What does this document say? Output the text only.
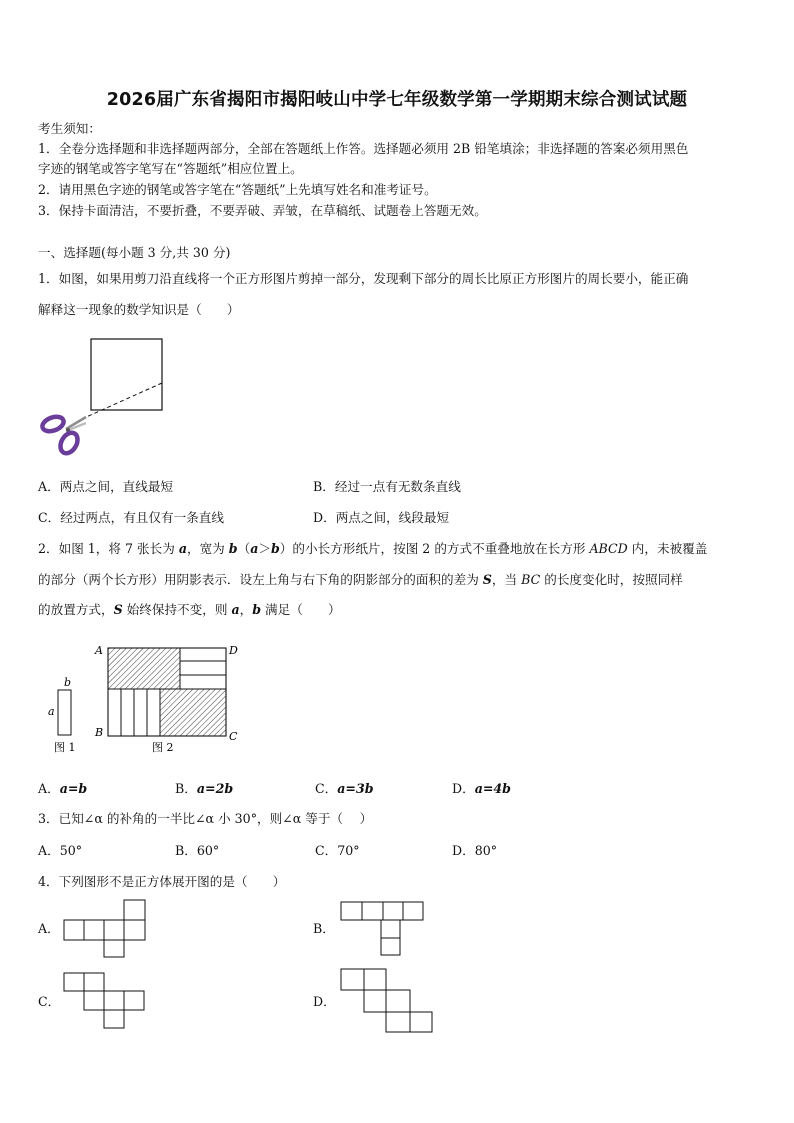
2026届广东省揭阳市揭阳岐山中学七年级数学第一学期期末综合测试试题
考生须知：
1．全卷分选择题和非选择题两部分，全部在答题纸上作答。选择题必须用 2B 铅笔填涂；非选择题的答案必须用黑色
字迹的钢笔或答字笔写在“答题纸”相应位置上。
2．请用黑色字迹的钢笔或答字笔在“答题纸”上先填写姓名和准考证号。
3．保持卡面清洁，不要折叠，不要弄破、弄皱，在草稿纸、试题卷上答题无效。
一、选择题(每小题 3 分,共 30 分)
1．如图，如果用剪刀沿直线将一个正方形图片剪掉一部分，发现剩下部分的周长比原正方形图片的周长要小，能正确
解释这一现象的数学知识是（　　）
A．两点之间，直线最短	B．经过一点有无数条直线
C．经过两点，有且仅有一条直线	D．两点之间，线段最短
2．如图 1，将 7 张长为 a，宽为 b（a＞b）的小长方形纸片，按图 2 的方式不重叠地放在长方形 ABCD 内，未被覆盖
的部分（两个长方形）用阴影表示．设左上角与右下角的阴影部分的面积的差为 S，当 BC 的长度变化时，按照同样
的放置方式，S 始终保持不变，则 a，b 满足（　　）
b
a
图 1
A	D
B	C
图 2
A．a=b	B．a=2b	C．a=3b	D．a=4b
3．已知∠α 的补角的一半比∠α 小 30°，则∠α 等于（　 ）
A．50°	B．60°	C．70°	D．80°
4．下列图形不是正方体展开图的是（　　）
A．	B．
C．	D．
